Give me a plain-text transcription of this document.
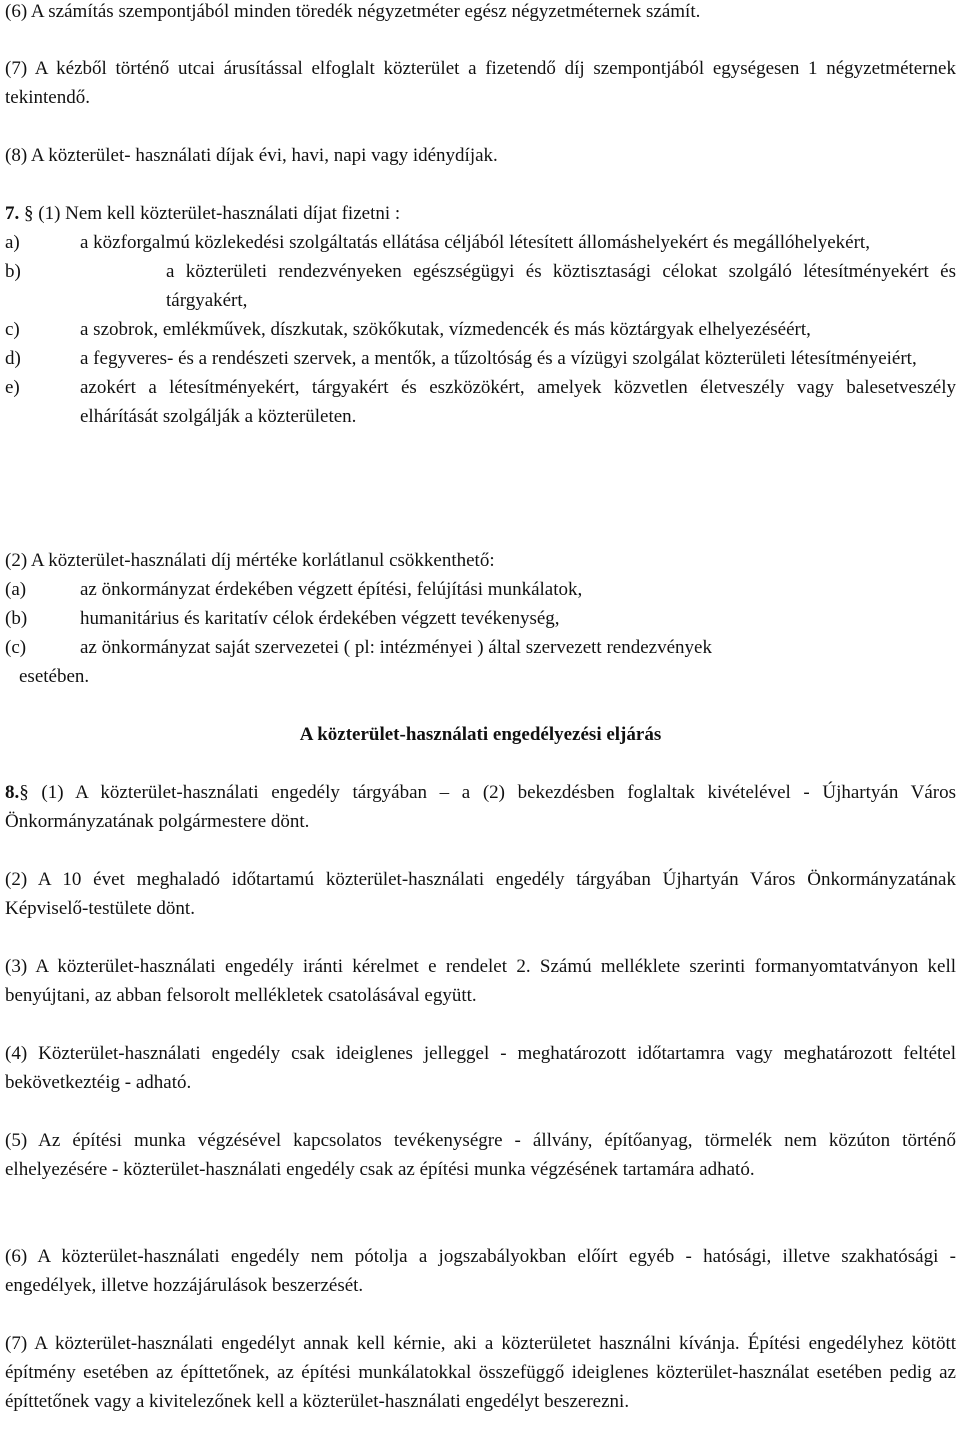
(6) A számítás szempontjából minden töredék négyzetméter egész négyzetméternek számít.

(7) A kézből történő utcai árusítással elfoglalt közterület a fizetendő díj szempontjából egységesen 1 négyzetméternek tekintendő.

(8) A közterület- használati díjak évi, havi, napi vagy idénydíjak.

7. § (1) Nem kell közterület-használati díjat fizetni :
a)	a közforgalmú közlekedési szolgáltatás ellátása céljából létesített állomáshelyekért és megállóhelyekért,
b)	a közterületi rendezvényeken egészségügyi és köztisztasági célokat szolgáló létesítményekért és tárgyakért,
c)	a szobrok, emlékművek, díszkutak, szökőkutak, vízmedencék és más köztárgyak elhelyezéséért,
d)	a fegyveres- és a rendészeti szervek, a mentők, a tűzoltóság és a vízügyi szolgálat közterületi létesítményeiért,
e)	azokért a létesítményekért, tárgyakért és eszközökért, amelyek közvetlen életveszély vagy balesetveszély elhárítását szolgálják a közterületen.
(2) A közterület-használati díj mértéke korlátlanul csökkenthető:
(a)	az önkormányzat érdekében végzett építési, felújítási munkálatok,
(b)	humanitárius és karitatív célok érdekében végzett tevékenység,
(c)	az önkormányzat saját szervezetei ( pl: intézményei ) által szervezett rendezvények
esetében.

A közterület-használati engedélyezési eljárás

8.§ (1) A közterület-használati engedély tárgyában – a (2) bekezdésben foglaltak kivételével - Újhartyán Város Önkormányzatának polgármestere dönt.

(2) A 10 évet meghaladó időtartamú közterület-használati engedély tárgyában Újhartyán Város Önkormányzatának Képviselő-testülete dönt.

(3) A közterület-használati engedély iránti kérelmet e rendelet 2. Számú melléklete szerinti formanyomtatványon kell benyújtani, az abban felsorolt mellékletek csatolásával együtt.

(4) Közterület-használati engedély csak ideiglenes jelleggel - meghatározott időtartamra vagy meghatározott feltétel bekövetkeztéig - adható.

(5) Az építési munka végzésével kapcsolatos tevékenységre - állvány, építőanyag, törmelék nem közúton történő elhelyezésére - közterület-használati engedély csak az építési munka végzésének tartamára adható.

(6) A közterület-használati engedély nem pótolja a jogszabályokban előírt egyéb - hatósági, illetve szakhatósági - engedélyek, illetve hozzájárulások beszerzését.

(7) A közterület-használati engedélyt annak kell kérnie, aki a közterületet használni kívánja. Építési engedélyhez kötött építmény esetében az építtetőnek, az építési munkálatokkal összefüggő ideiglenes közterület-használat esetében pedig az építtetőnek vagy a kivitelezőnek kell a közterület-használati engedélyt beszerezni.
